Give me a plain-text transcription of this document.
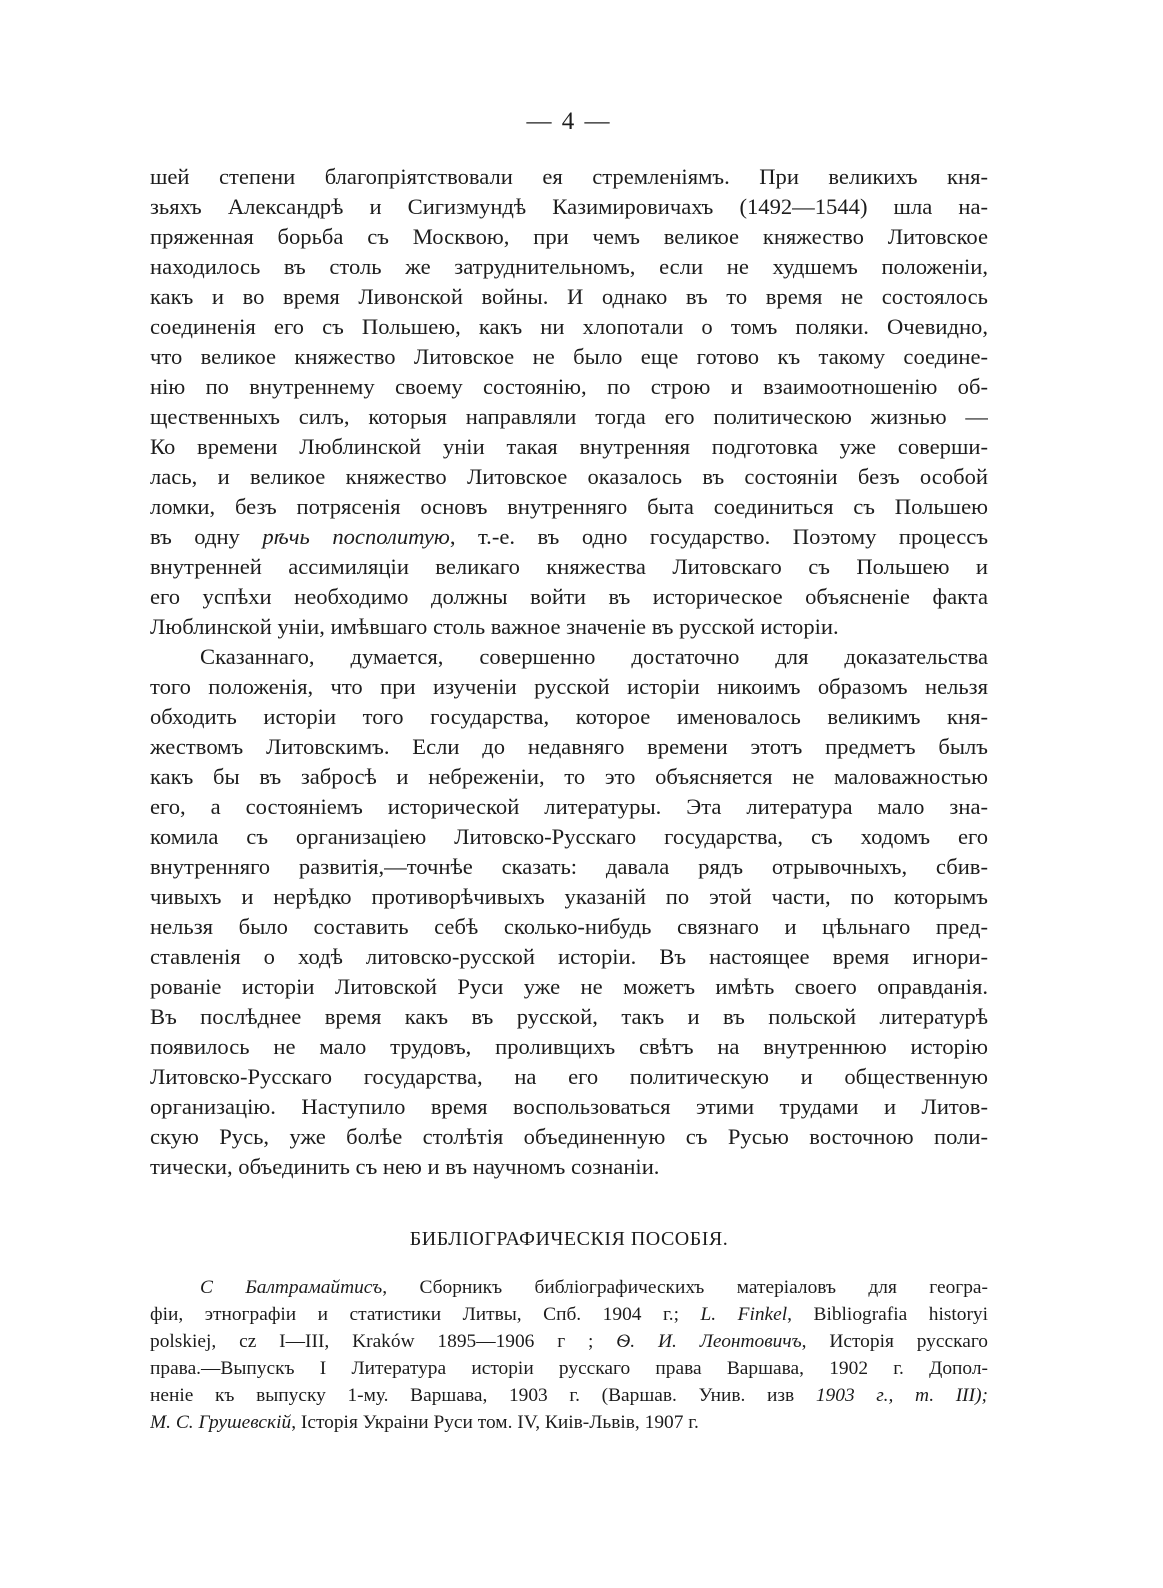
— 4 —
шей степени благопріятствовали ея стремленіямъ. При великихъ кня-
зьяхъ Александрѣ и Сигизмундѣ Казимировичахъ (1492—1544) шла на-
пряженная борьба съ Москвою, при чемъ великое княжество Литовское
находилось въ столь же затруднительномъ, если не худшемъ положеніи,
какъ и во время Ливонской войны. И однако въ то время не состоялось
соединенія его съ Польшею, какъ ни хлопотали о томъ поляки. Очевидно,
что великое княжество Литовское не было еще готово къ такому соедине-
нію по внутреннему своему состоянію, по строю и взаимоотношенію об-
щественныхъ силъ, которыя направляли тогда его политическою жизнью —
Ко времени Люблинской уніи такая внутренняя подготовка уже соверши-
лась, и великое княжество Литовское оказалось въ состояніи безъ особой
ломки, безъ потрясенія основъ внутренняго быта соединиться съ Польшею
въ одну рѣчь посполитую, т.-е. въ одно государство. Поэтому процессъ
внутренней ассимиляціи великаго княжества Литовскаго съ Польшею и
его успѣхи необходимо должны войти въ историческое объясненіе факта
Люблинской уніи, имѣвшаго столь важное значеніе въ русской исторіи.
Сказаннаго, думается, совершенно достаточно для доказательства
того положенія, что при изученіи русской исторіи никоимъ образомъ нельзя
обходить исторіи того государства, которое именовалось великимъ кня-
жествомъ Литовскимъ. Если до недавняго времени этотъ предметъ былъ
какъ бы въ забросѣ и небреженіи, то это объясняется не маловажностью
его, а состояніемъ исторической литературы. Эта литература мало зна-
комила съ организаціею Литовско-Русскаго государства, съ ходомъ его
внутренняго развитія,—точнѣе сказать: давала рядъ отрывочныхъ, сбив-
чивыхъ и нерѣдко противорѣчивыхъ указаній по этой части, по которымъ
нельзя было составить себѣ сколько-нибудь связнаго и цѣльнаго пред-
ставленія о ходѣ литовско-русской исторіи. Въ настоящее время игнори-
рованіе исторіи Литовской Руси уже не можетъ имѣть своего оправданія.
Въ послѣднее время какъ въ русской, такъ и въ польской литературѣ
появилось не мало трудовъ, проливщихъ свѣтъ на внутреннюю исторію
Литовско-Русскаго государства, на его политическую и общественную
организацію. Наступило время воспользоваться этими трудами и Литов-
скую Русь, уже болѣе столѣтія объединенную съ Русью восточною поли-
тически, объединить съ нею и въ научномъ сознаніи.
БИБЛІОГРАФИЧЕСКІЯ ПОСОБІЯ.
С Балтрамайтисъ, Сборникъ библіографическихъ матеріаловъ для геогра-
фіи, этнографіи и статистики Литвы, Спб. 1904 г.; L. Finkel, Bibliografia historyi
polskiej, cz I—III, Kraków 1895—1906 г ; Ѳ. И. Леонтовичъ, Исторія русскаго
права.—Выпускъ I Литература исторіи русскаго права Варшава, 1902 г. Допол-
неніе къ выпуску 1-му. Варшава, 1903 г. (Варшав. Унив. изв 1903 г., т. III);
М. С. Грушевскій, Історія Украіни Руси том. IV, Киів-Львів, 1907 г.
